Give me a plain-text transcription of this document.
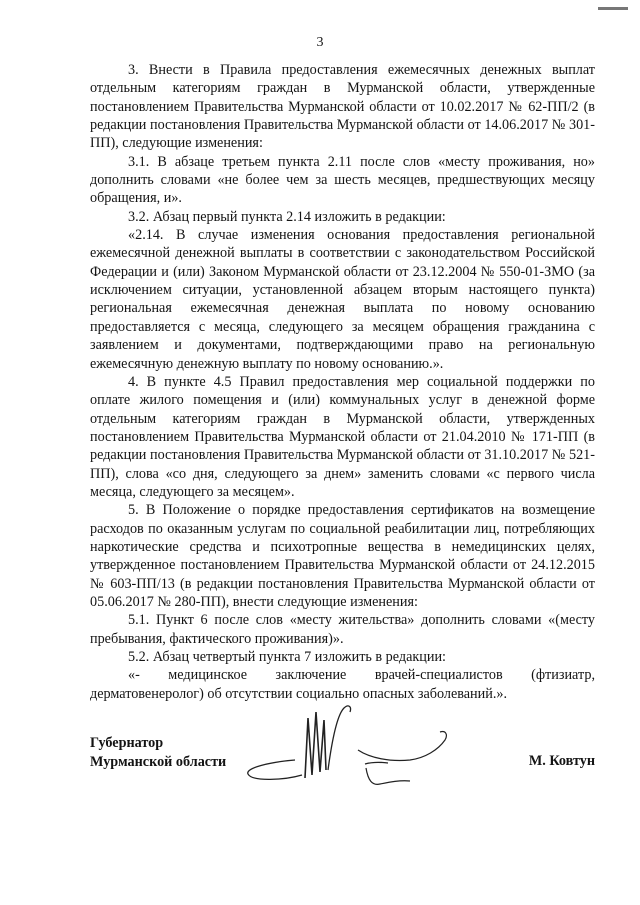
3

3. Внести в Правила предоставления ежемесячных денежных выплат отдельным категориям граждан в Мурманской области, утвержденные постановлением Правительства Мурманской области от 10.02.2017 № 62-ПП/2 (в редакции постановления Правительства Мурманской области от 14.06.2017 № 301-ПП), следующие изменения:

3.1. В абзаце третьем пункта 2.11 после слов «месту проживания, но» дополнить словами «не более чем за шесть месяцев, предшествующих месяцу обращения, и».

3.2. Абзац первый пункта 2.14 изложить в редакции:

«2.14. В случае изменения основания предоставления региональной ежемесячной денежной выплаты в соответствии с законодательством Российской Федерации и (или) Законом Мурманской области от 23.12.2004 № 550-01-ЗМО (за исключением ситуации, установленной абзацем вторым настоящего пункта) региональная ежемесячная денежная выплата по новому основанию предоставляется с месяца, следующего за месяцем обращения гражданина с заявлением и документами, подтверждающими право на региональную ежемесячную денежную выплату по новому основанию.».

4. В пункте 4.5 Правил предоставления мер социальной поддержки по оплате жилого помещения и (или) коммунальных услуг в денежной форме отдельным категориям граждан в Мурманской области, утвержденных постановлением Правительства Мурманской области от 21.04.2010 № 171-ПП (в редакции постановления Правительства Мурманской области от 31.10.2017 № 521-ПП), слова «со дня, следующего за днем» заменить словами «с первого числа месяца, следующего за месяцем».

5. В Положение о порядке предоставления сертификатов на возмещение расходов по оказанным услугам по социальной реабилитации лиц, потребляющих наркотические средства и психотропные вещества в немедицинских целях, утвержденное постановлением Правительства Мурманской области от 24.12.2015 № 603-ПП/13 (в редакции постановления Правительства Мурманской области от 05.06.2017 № 280-ПП), внести следующие изменения:

5.1. Пункт 6 после слов «месту жительства» дополнить словами «(месту пребывания, фактического проживания)».

5.2. Абзац четвертый пункта 7 изложить в редакции:

«- медицинское заключение врачей-специалистов (фтизиатр, дерматовенеролог) об отсутствии социально опасных заболеваний.».

Губернатор
Мурманской области	М. Ковтун
